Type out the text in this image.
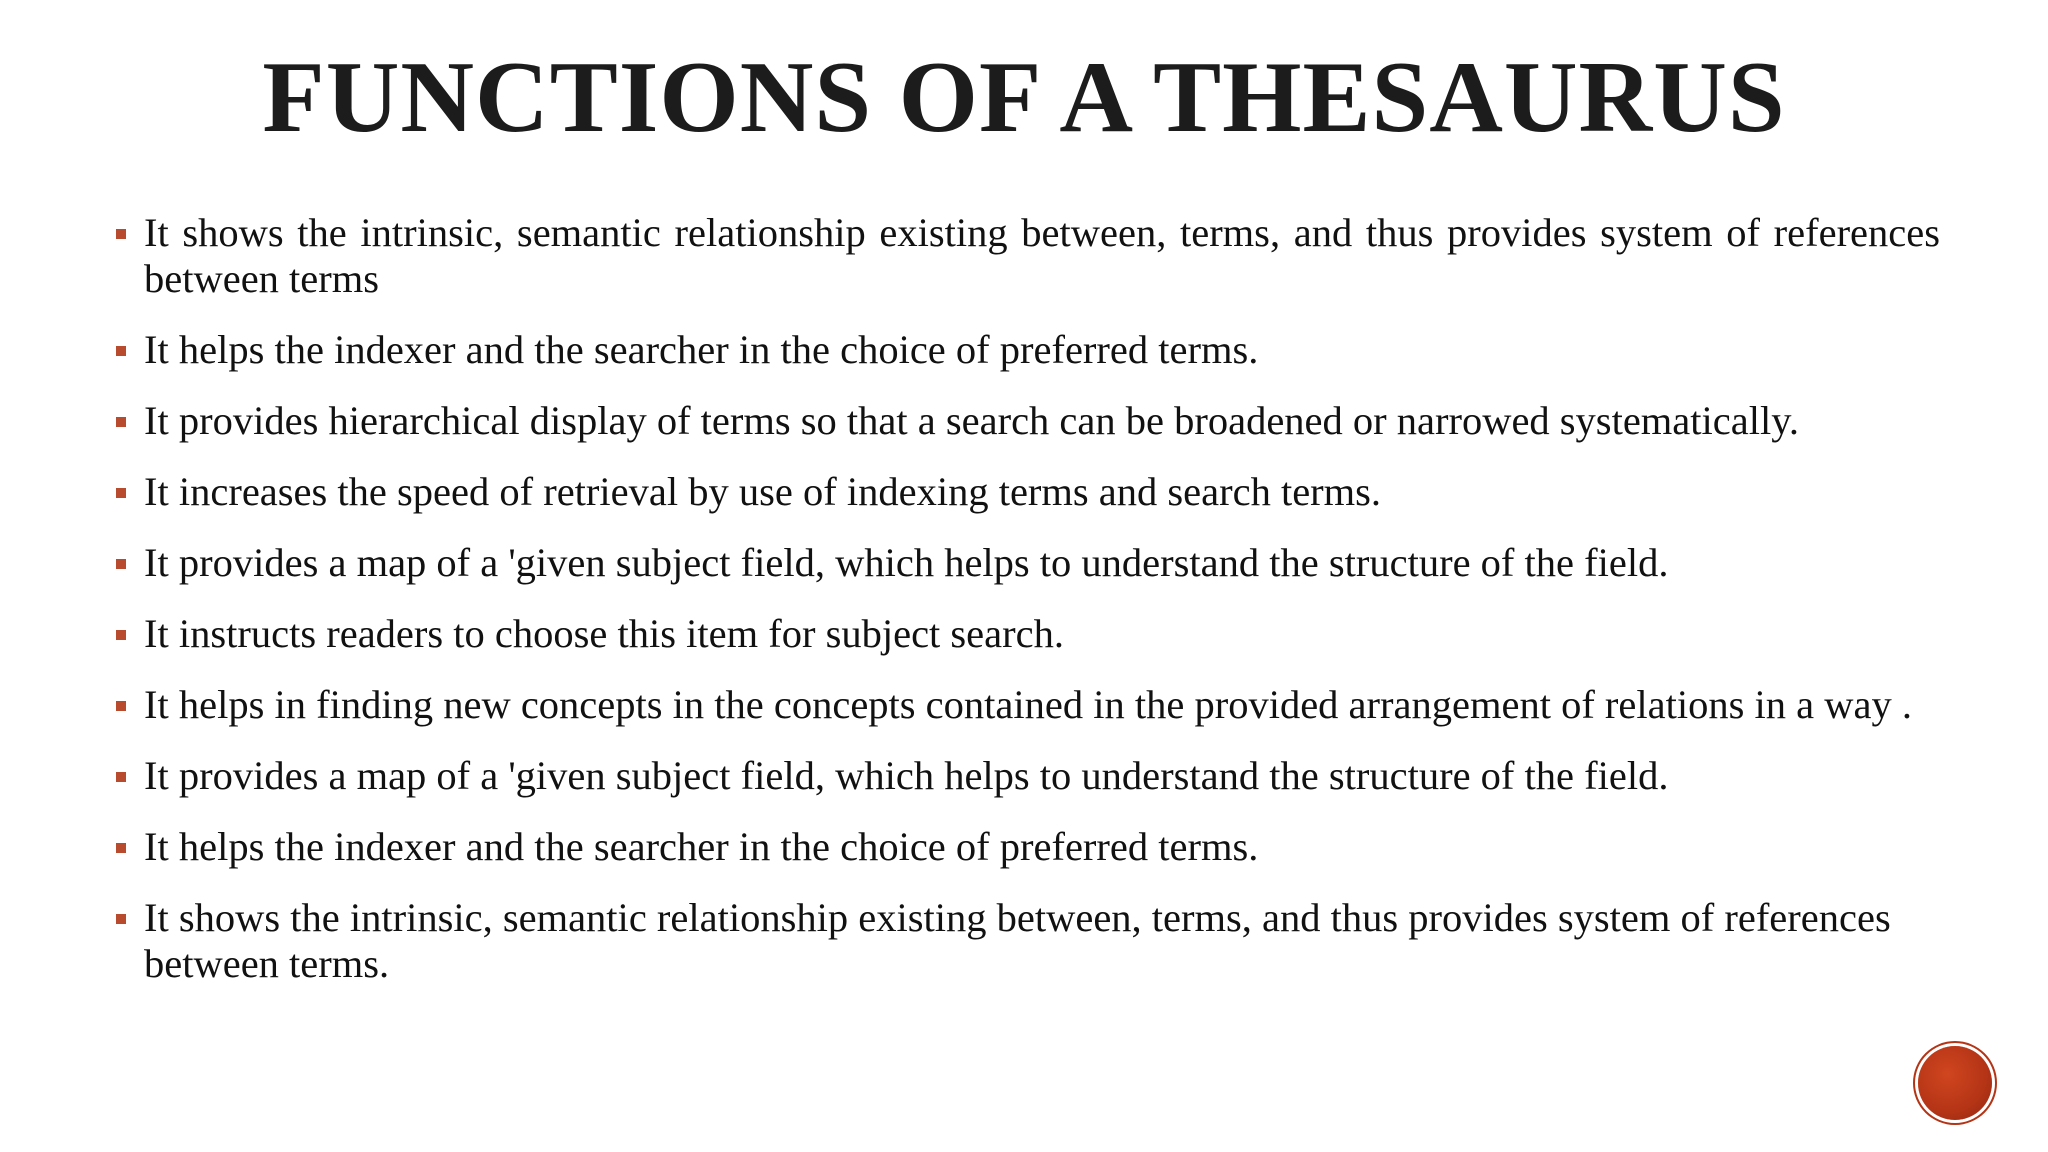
FUNCTIONS OF A THESAURUS
It shows the intrinsic, semantic relationship existing between, terms, and thus provides system of references between terms
It helps the indexer and the searcher in the choice of preferred terms.
It provides hierarchical display of terms so that a search can be broadened or narrowed systematically.
It increases the speed of retrieval by use of indexing terms and search terms.
It provides a map of a 'given subject field, which helps to understand the structure of the field.
It instructs readers to choose this item for subject search.
It helps in finding new concepts in the concepts contained in the provided arrangement of relations in a way .
It provides a map of a 'given subject field, which helps to understand the structure of the field.
It helps the indexer and the searcher in the choice of preferred terms.
It shows the intrinsic, semantic relationship existing between, terms, and thus provides system of references between terms.
